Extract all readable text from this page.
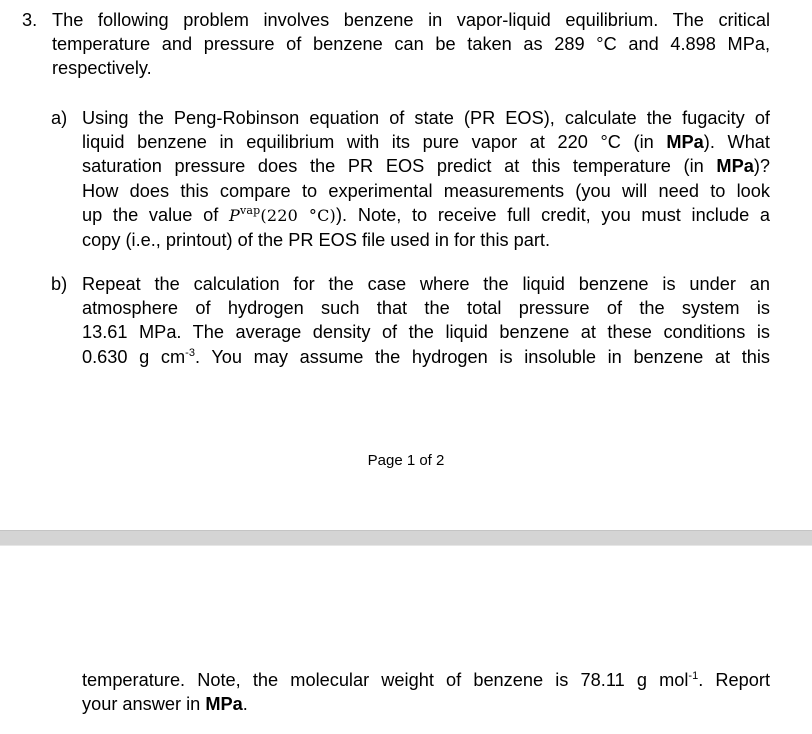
3. The following problem involves benzene in vapor-liquid equilibrium. The critical
temperature and pressure of benzene can be taken as 289 °C and 4.898 MPa,
respectively.
a) Using the Peng-Robinson equation of state (PR EOS), calculate the fugacity of
liquid benzene in equilibrium with its pure vapor at 220 °C (in MPa). What
saturation pressure does the PR EOS predict at this temperature (in MPa)?
How does this compare to experimental measurements (you will need to look
up the value of $P^{vap}(220$ °C)). Note, to receive full credit, you must include a
copy (i.e., printout) of the PR EOS file used in for this part.
b) Repeat the calculation for the case where the liquid benzene is under an
atmosphere of hydrogen such that the total pressure of the system is
13.61 MPa. The average density of the liquid benzene at these conditions is
0.630 g $cm^{-3}$. You may assume the hydrogen is insoluble in benzene at this
Page 1 of 2
temperature. Note, the molecular weight of benzene is 78.11 g mol$^{-1}$. Report
your answer in MPa.
